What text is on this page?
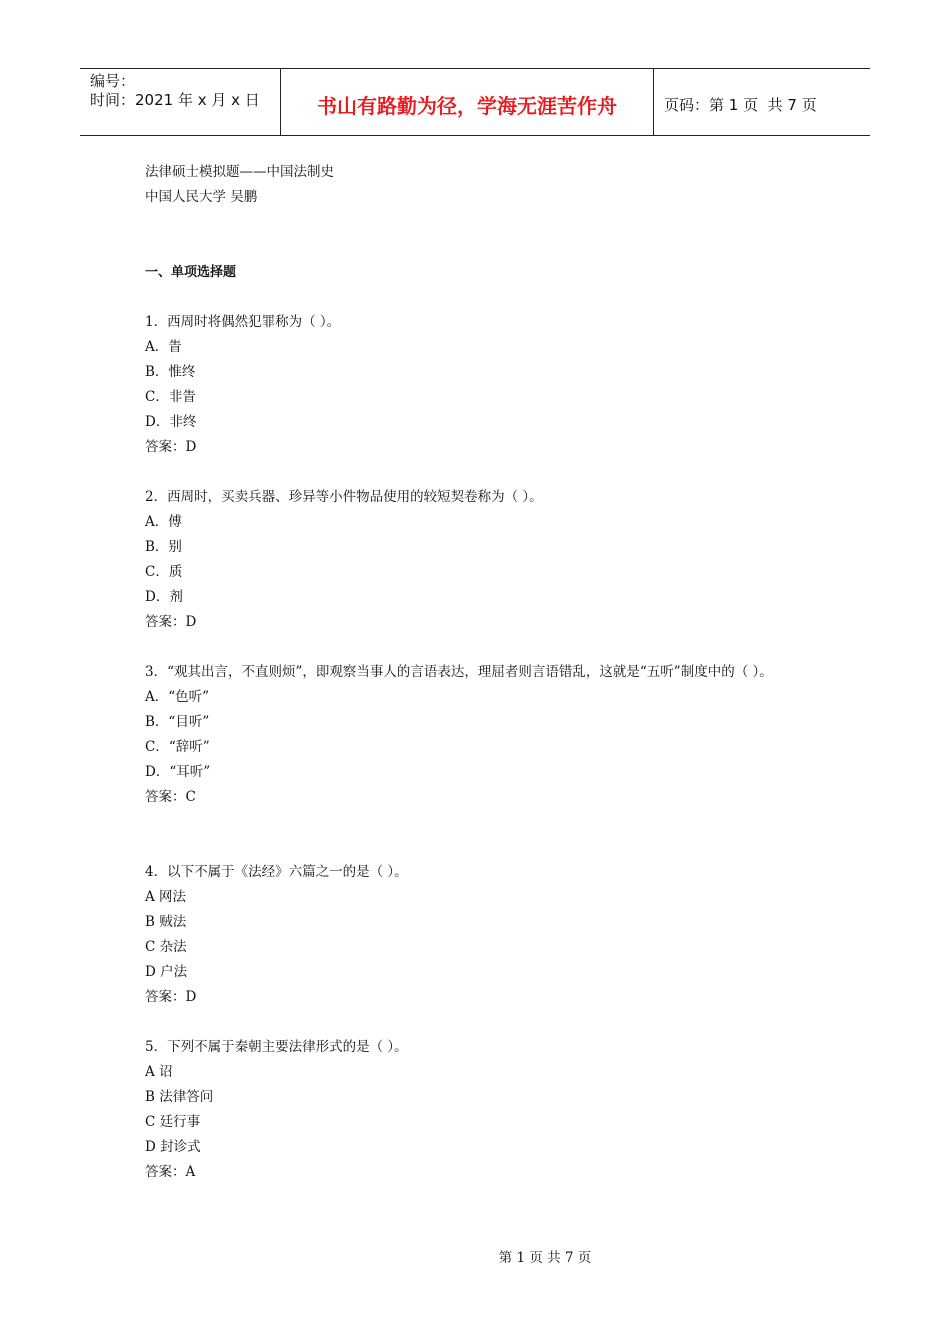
编号：
时间：2021 年 x 月 x 日	书山有路勤为径，学海无涯苦作舟	页码：第 1 页  共 7 页
法律硕士模拟题——中国法制史
中国人民大学 吴鹏
一、单项选择题
1．西周时将偶然犯罪称为（ ）。
A．眚
B．惟终
C．非眚
D．非终
答案：D
2．西周时，买卖兵器、珍异等小件物品使用的较短契卷称为（ ）。
A．傅
B．别
C．质
D．剂
答案：D
3．“观其出言，不直则烦”，即观察当事人的言语表达，理屈者则言语错乱，这就是“五听”制度中的（ ）。
A．“色听”
B．“目听”
C．“辞听”
D．“耳听”
答案：C
4．以下不属于《法经》六篇之一的是（ ）。
A 网法
B 贼法
C 杂法
D 户法
答案：D
5．下列不属于秦朝主要法律形式的是（ ）。
A 诏
B 法律答问
C 廷行事
D 封诊式
答案：A
第 1 页 共 7 页
